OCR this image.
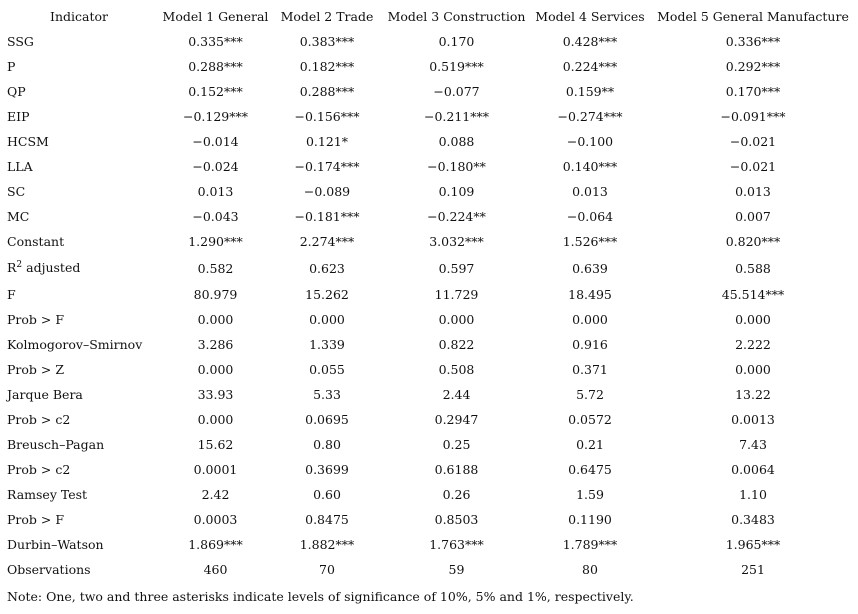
Indicator	Model 1 General	Model 2 Trade	Model 3 Construction	Model 4 Services	Model 5 General Manufacture
SSG	0.335***	0.383***	0.170	0.428***	0.336***
P	0.288***	0.182***	0.519***	0.224***	0.292***
QP	0.152***	0.288***	−0.077	0.159**	0.170***
EIP	−0.129***	−0.156***	−0.211***	−0.274***	−0.091***
HCSM	−0.014	0.121*	0.088	−0.100	−0.021
LLA	−0.024	−0.174***	−0.180**	0.140***	−0.021
SC	0.013	−0.089	0.109	0.013	0.013
MC	−0.043	−0.181***	−0.224**	−0.064	0.007
Constant	1.290***	2.274***	3.032***	1.526***	0.820***
$R^2$ adjusted	0.582	0.623	0.597	0.639	0.588
F	80.979	15.262	11.729	18.495	45.514***
Prob > F	0.000	0.000	0.000	0.000	0.000
Kolmogorov–Smirnov	3.286	1.339	0.822	0.916	2.222
Prob > Z	0.000	0.055	0.508	0.371	0.000
Jarque Bera	33.93	5.33	2.44	5.72	13.22
Prob > c2	0.000	0.0695	0.2947	0.0572	0.0013
Breusch–Pagan	15.62	0.80	0.25	0.21	7.43
Prob > c2	0.0001	0.3699	0.6188	0.6475	0.0064
Ramsey Test	2.42	0.60	0.26	1.59	1.10
Prob > F	0.0003	0.8475	0.8503	0.1190	0.3483
Durbin–Watson	1.869***	1.882***	1.763***	1.789***	1.965***
Observations	460	70	59	80	251
Note: One, two and three asterisks indicate levels of significance of 10%, 5% and 1%, respectively.
